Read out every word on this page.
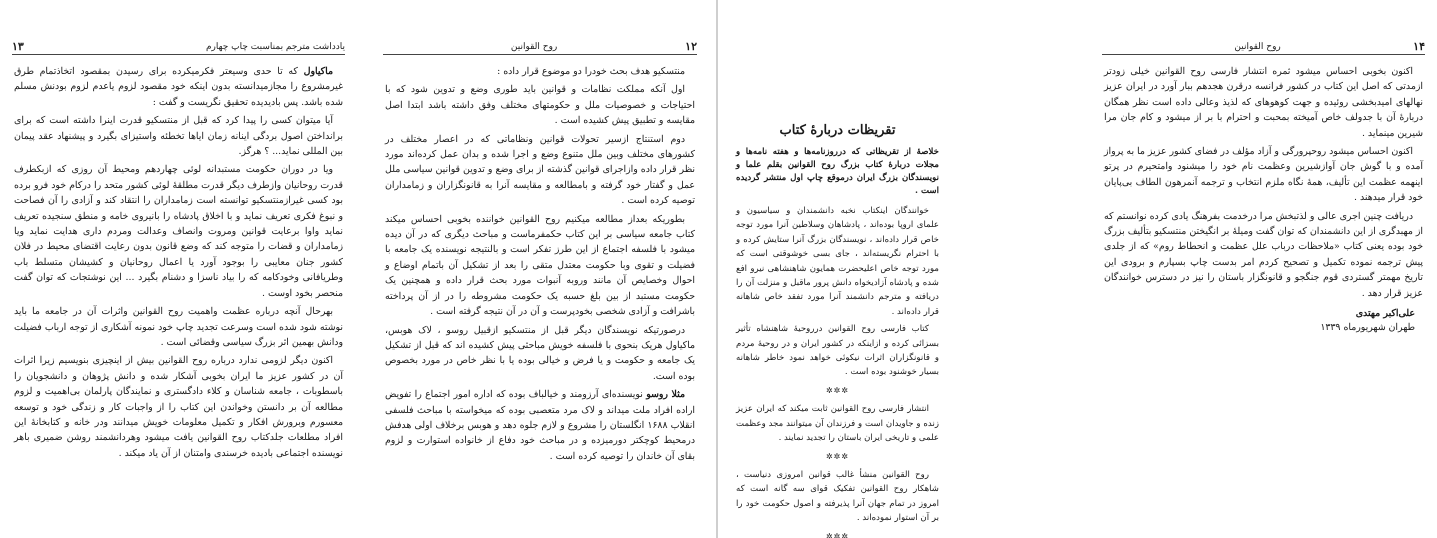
یادداشت مترجم بمناسبت چاپ چهارم
۱۳

ماکیاول که تا حدی وسیعتر فکرمیکرده برای رسیدن بمقصود اتخاذتمام طرق غیرمشروع را مجازمیدانسته بدون اینکه خود مقصود لزوم یاعدم لزوم بودنش مسلم شده باشد. پس بادیدیده تحقیق نگریست و گفت :

آیا میتوان کسی را پیدا کرد که قبل از منتسکیو قدرت اینرا داشته است که برای برانداختن اصول بردگی اینانه زمان ایاها تخطئه واستیزای بگیرد و پیشنهاد عقد پیمان بین المللی نماید... ؟ هرگز.

ویا در دوران حکومت مستبدانه لوئی چهاردهم ومحیط آن روزی که ازبکطرف قدرت روحانیان وازطرف دیگر قدرت مطلقهٔ لوئی کشور متحد را درکام خود فرو برده بود کسی غیرازمنتسکیو توانسته است زمامداران را انتقاد کند و آزادی را آن فصاحت و نبوغ فکری تعریف نماید و با اخلاق پادشاه را بانیروی خامه و منطق سنجیده تعریف نماید واوا برعایت قوانین ومروت وانصاف وعدالت ومردم داری هدایت نماید ویا زمامداران و قضات را متوجه کند که وضع قانون بدون رعایت اقتضای محیط در فلان کشور جنان معایبی را بوجود آورد یا اعمال روحانیان و کشیشان متسلط باب وطریافانی وخودکامه که را بیاد ناسزا و دشنام بگیرد ... این نوشتجات که توان گفت منحصر بخود اوست .

بهرحال آنچه درباره عظمت واهمیت روح القوانین واثرات آن در جامعه ما باید نوشته شود شده است وسرعت تجدید چاپ خود نمونه آشکاری از توجه ارباب فضیلت ودانش بهمین اثر بزرگ سیاسی وقضائی است .

اکنون دیگر لزومی ندارد درباره روح القوانین بیش از اینچیزی بنویسیم زیرا اثرات آن در کشور عزیز ما ایران بخوبی آشکار شده و دانش پژوهان و دانشجویان را باسطوبات ، جامعه شناسان و کلاء دادگستری و نمایندگان پارلمان بی‌اهمیت و لزوم مطالعه آن بر دانستن وخواندن این کتاب را از واجبات کار و زندگی خود و توسعه معسورم وبرورش افکار و تکمیل معلومات خویش میدانند ودر خانه و کتابخانهٔ این افراد مطلعات جلدکتاب روح القوانین یافت میشود وهردانشمند روشن ضمیری باهر نویسنده اجتماعی بادیده خرسندی وامتنان از آن یاد میکند .

۱۲
روح القوانین

منتسکیو هدف بحث خودرا دو موضوع قرار داده :

اول آنکه مملکت نظامات و قوانین باید طوری وضع و تدوین شود که با احتیاجات و خصوصیات ملل و حکومتهای مختلف وفق داشته باشد ابتدا اصل مقایسه و تطبیق پیش کشیده است .

دوم استنتاج ازسیر تحولات قوانین ونظاماتی که در اعصار مختلف در کشورهای مختلف وبین ملل متنوع وضع و اجرا شده و بدان عمل کرده‌اند مورد نظر قرار داده وازاجرای قوانین گذشته از برای وضع و تدوین قوانین سیاسی ملل عمل و گفتار خود گرفته و بامطالعه و مقایسه آنرا به قانونگزاران و زمامداران توصیه کرده است .

بطوریکه بعداز مطالعه میکنیم روح القوانین خواننده بخوبی احساس میکند کتاب جامعه سیاسی بر این کتاب حکمفرماست و مباحث دیگری که در آن دیده میشود با فلسفه اجتماع از این طرز تفکر است و بالنتیجه نویسنده یک جامعه با فضیلت و تقوی وبا حکومت معتدل متقی را بعد از تشکیل آن باتمام اوضاع و احوال وخصایص آن مانند وروبه آنبوات مورد بحث قرار داده و همچنین یک حکومت مستبد از بین بلغ حسبه یک حکومت مشروطه را در از آن پرداخته باشرافت و آزادی شخصی بخودپرست و آن در آن نتیجه گرفته است .

درصورتیکه نویسندگان دیگر قبل از منتسکیو ازقبیل روسو ، لاک هوبس، ماکیاول هریک بنحوی با فلسفه خویش مباحثی پیش کشیده اند که قبل از تشکیل یک جامعه و حکومت و یا فرض و خیالی بوده یا با نظر خاص در مورد بخصوص بوده است.

مثلا روسو نویسنده‌ای آرزومند و خیالباف بوده که اداره امور اجتماع را تفویض اراده افراد ملت میداند و لاک مرد متعصبی بوده که میخواسته با مباحث فلسفی انقلاب ۱۶۸۸ انگلستان را مشروع و لازم جلوه دهد و هوبس برخلاف اولی هدفش درمحیط کوچکتر دورمیزده و در مباحث خود دفاع از خانواده استوارت و لزوم بقای آن خاندان را توصیه کرده است .

تقریظات دربارهٔ کتاب
خلاصهٔ از تقریظاتی که درروزنامه‌ها و هفته نامه‌ها و مجلات دربارهٔ کتاب بزرگ روح القوانین بقلم علما و نویسندگان بزرگ ایران درموقع چاپ اول منتشر گردیده است .

خوانندگان اینکتاب نخبه دانشمندان و سیاسیون و علمای اروپا بوده‌اند ، پادشاهان وسلاطین آنرا مورد توجه خاص قرار داده‌اند ، نویسندگان بزرگ آنرا ستایش کرده و با احترام نگریسته‌اند ، جای بسی خوشوقتی است که مورد توجه خاص اعلیحضرت همایون شاهنشاهی نیرو افع شده و پادشاه آزادیخواه دانش پرور ماقبل و منزلت آن را دریافته و مترجم دانشمند آنرا مورد تفقد خاص شاهانه قرار داده‌اند .

کتاب فارسی روح القوانین درروحیهٔ شاهنشاه تأثیر بسزائی کرده و ازاینکه در کشور ایران و در روحیهٔ مردم و قانونگزاران اثرات نیکوئی خواهد نمود خاطر شاهانه بسیار خوشنود بوده است .

✲✲✲

انتشار فارسی روح القوانین ثابت میکند که ایران عزیز زنده و جاویدان است و فرزندان آن میتوانند مجد وعظمت علمی و تاریخی ایران باستان را تجدید نمایند .

✲✲✲

روح القوانین منشأ غالب قوانین امروزی دنیاست ، شاهکار روح القوانین تفکیک قوای سه گانه است که امروز در تمام جهان آنرا پذیرفته و اصول حکومت خود را بر آن استوار نموده‌اند .

✲✲✲
۱۴
روح القوانین

اکنون بخوبی احساس میشود ثمره انتشار فارسی روح القوانین خیلی زودتر ازمدتی که اصل این کتاب در کشور فرانسه درقرن هجدهم ببار آورد در ایران عزیز نهالهای امیدبخشی روئیده و جهت کوهوهای که لذیذ وعالی داده است نظر همگان دربارهٔ آن با جدولف خاص آمیخته بمحبت و احترام با بر از میشود و کام جان مرا شیرین مینماید .

اکنون احساس میشود روحپرورگی و آزاد مؤلف در فضای کشور عزیز ما به پرواز آمده و با گوش جان آوازشیرین وعظمت نام خود را میشنود وامتحیرم در پرتو اینهمه عظمت این تألیف، همهٔ نگاه ملزم انتخاب و ترجمه آنمرهون الطاف بی‌پایان خود قرار میدهند .

دریافت چنین اجری عالی و لذتبخش مرا درخدمت بفرهنگ یادی کرده نوانستم که از مهبدگری از این دانشمندان که توان گفت ومیلهٔ بر انگیختن منتسکیو بتألیف بزرگ خود بوده یعنی کتاب «ملاحظات درباب علل عظمت و انحطاط روم» که از جلدی پیش ترجمه نموده تکمیل و تصحیح کردم امر بدست چاپ بسپارم و برودی این تاریخ مهمتر گستردی قوم جنگجو و قانونگزار باستان را نیز در دسترس خوانندگان عزیز قرار دهد .

علی‌اکبر مهتدی
طهران شهریورماه ۱۳۳۹
